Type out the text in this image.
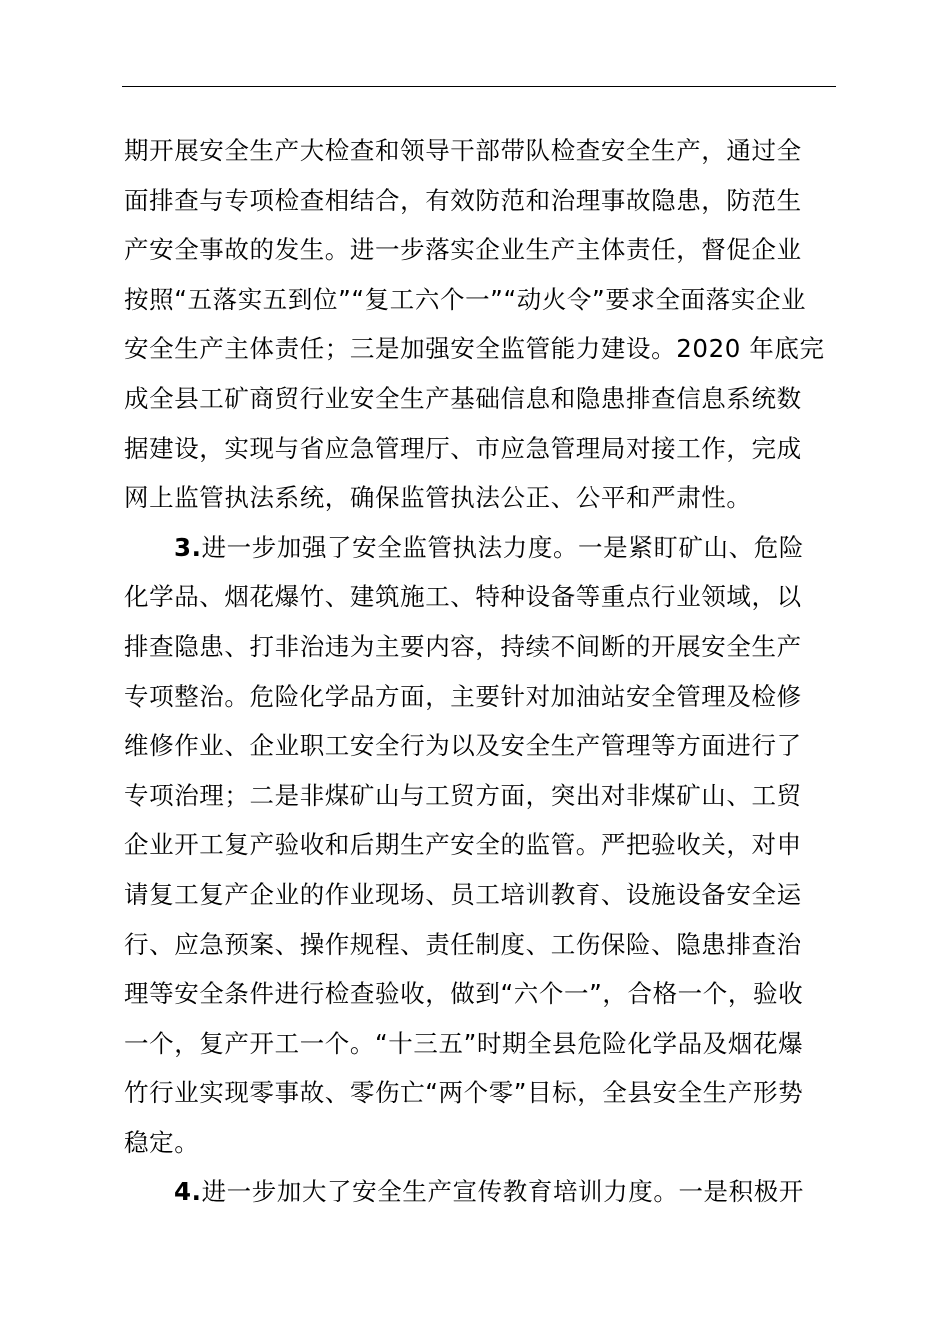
期开展安全生产大检查和领导干部带队检查安全生产，通过全
面排查与专项检查相结合，有效防范和治理事故隐患，防范生
产安全事故的发生。进一步落实企业生产主体责任，督促企业
按照“五落实五到位”“复工六个一”“动火令”要求全面落实企业
安全生产主体责任；三是加强安全监管能力建设。2020 年底完
成全县工矿商贸行业安全生产基础信息和隐患排查信息系统数
据建设，实现与省应急管理厅、市应急管理局对接工作，完成
网上监管执法系统，确保监管执法公正、公平和严肃性。

3.进一步加强了安全监管执法力度。一是紧盯矿山、危险
化学品、烟花爆竹、建筑施工、特种设备等重点行业领域，以
排查隐患、打非治违为主要内容，持续不间断的开展安全生产
专项整治。危险化学品方面，主要针对加油站安全管理及检修
维修作业、企业职工安全行为以及安全生产管理等方面进行了
专项治理；二是非煤矿山与工贸方面，突出对非煤矿山、工贸
企业开工复产验收和后期生产安全的监管。严把验收关，对申
请复工复产企业的作业现场、员工培训教育、设施设备安全运
行、应急预案、操作规程、责任制度、工伤保险、隐患排查治
理等安全条件进行检查验收，做到“六个一”，合格一个，验收
一个，复产开工一个。“十三五”时期全县危险化学品及烟花爆
竹行业实现零事故、零伤亡“两个零”目标，全县安全生产形势
稳定。

4.进一步加大了安全生产宣传教育培训力度。一是积极开
